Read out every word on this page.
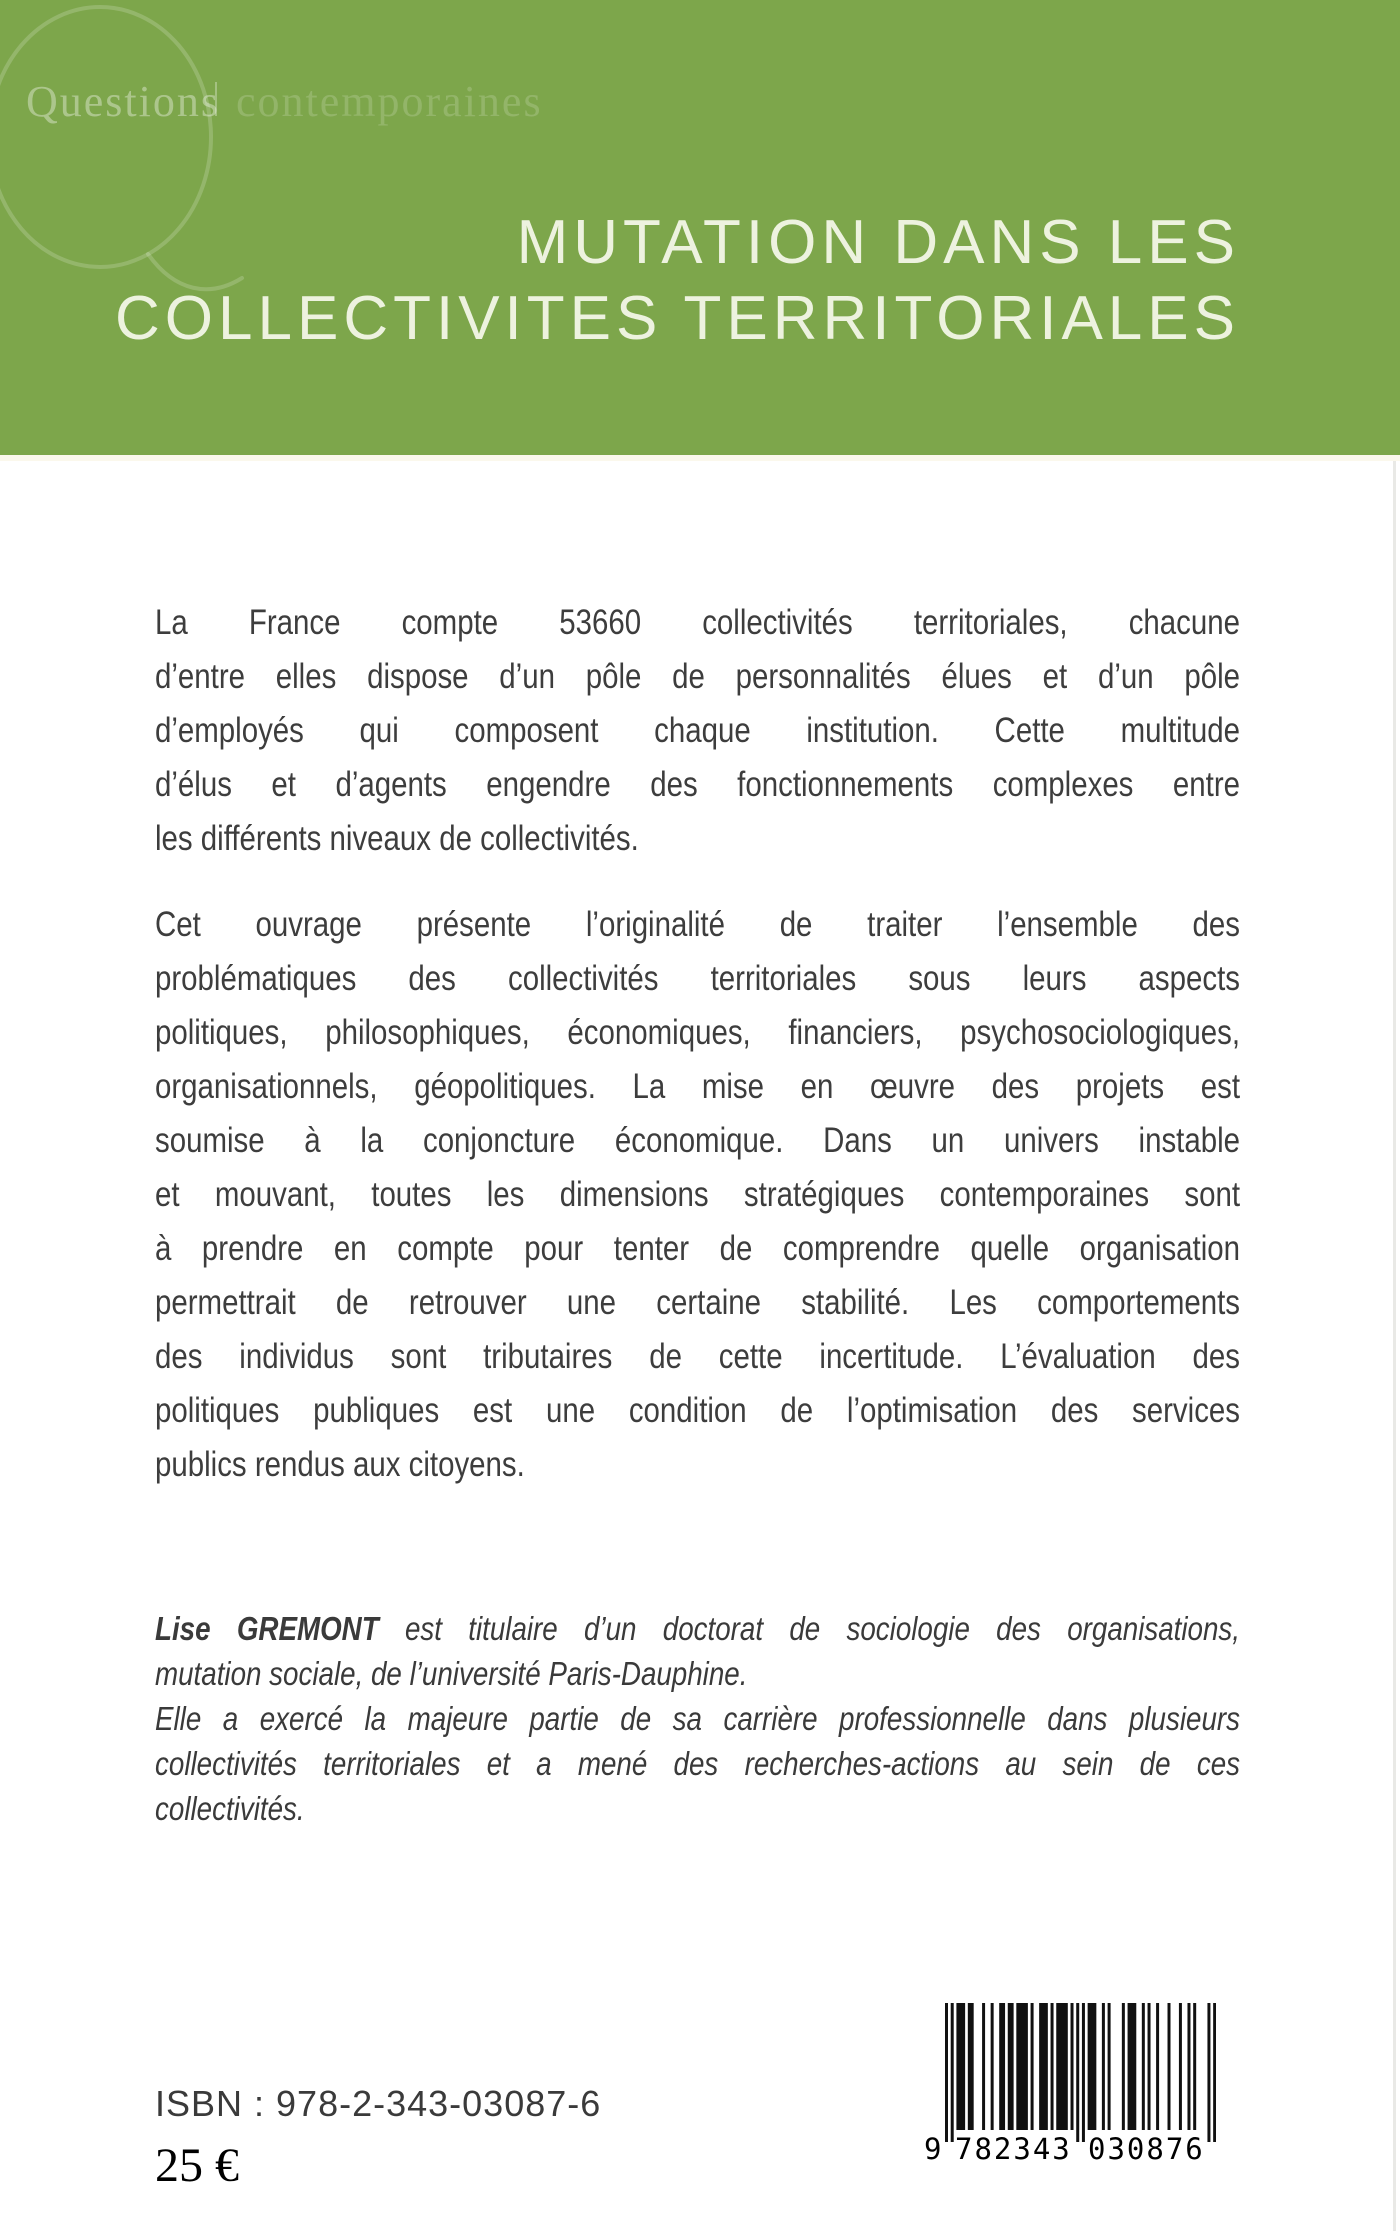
Questions contemporaines
MUTATION DANS LES
COLLECTIVITES TERRITORIALES
La France compte 53660 collectivités territoriales, chacune
d’entre elles dispose d’un pôle de personnalités élues et d’un pôle
d’employés qui composent chaque institution. Cette multitude
d’élus et d’agents engendre des fonctionnements complexes entre
les différents niveaux de collectivités.
Cet ouvrage présente l’originalité de traiter l’ensemble des
problématiques des collectivités territoriales sous leurs aspects
politiques, philosophiques, économiques, financiers, psychosociologiques,
organisationnels, géopolitiques. La mise en œuvre des projets est
soumise à la conjoncture économique. Dans un univers instable
et mouvant, toutes les dimensions stratégiques contemporaines sont
à prendre en compte pour tenter de comprendre quelle organisation
permettrait de retrouver une certaine stabilité. Les comportements
des individus sont tributaires de cette incertitude. L’évaluation des
politiques publiques est une condition de l’optimisation des services
publics rendus aux citoyens.
Lise GREMONT est titulaire d’un doctorat de sociologie des organisations,
mutation sociale, de l’université Paris-Dauphine.
Elle a exercé la majeure partie de sa carrière professionnelle dans plusieurs
collectivités territoriales et a mené des recherches-actions au sein de ces
collectivités.
ISBN : 978-2-343-03087-6
25 €	9 782343 030876
